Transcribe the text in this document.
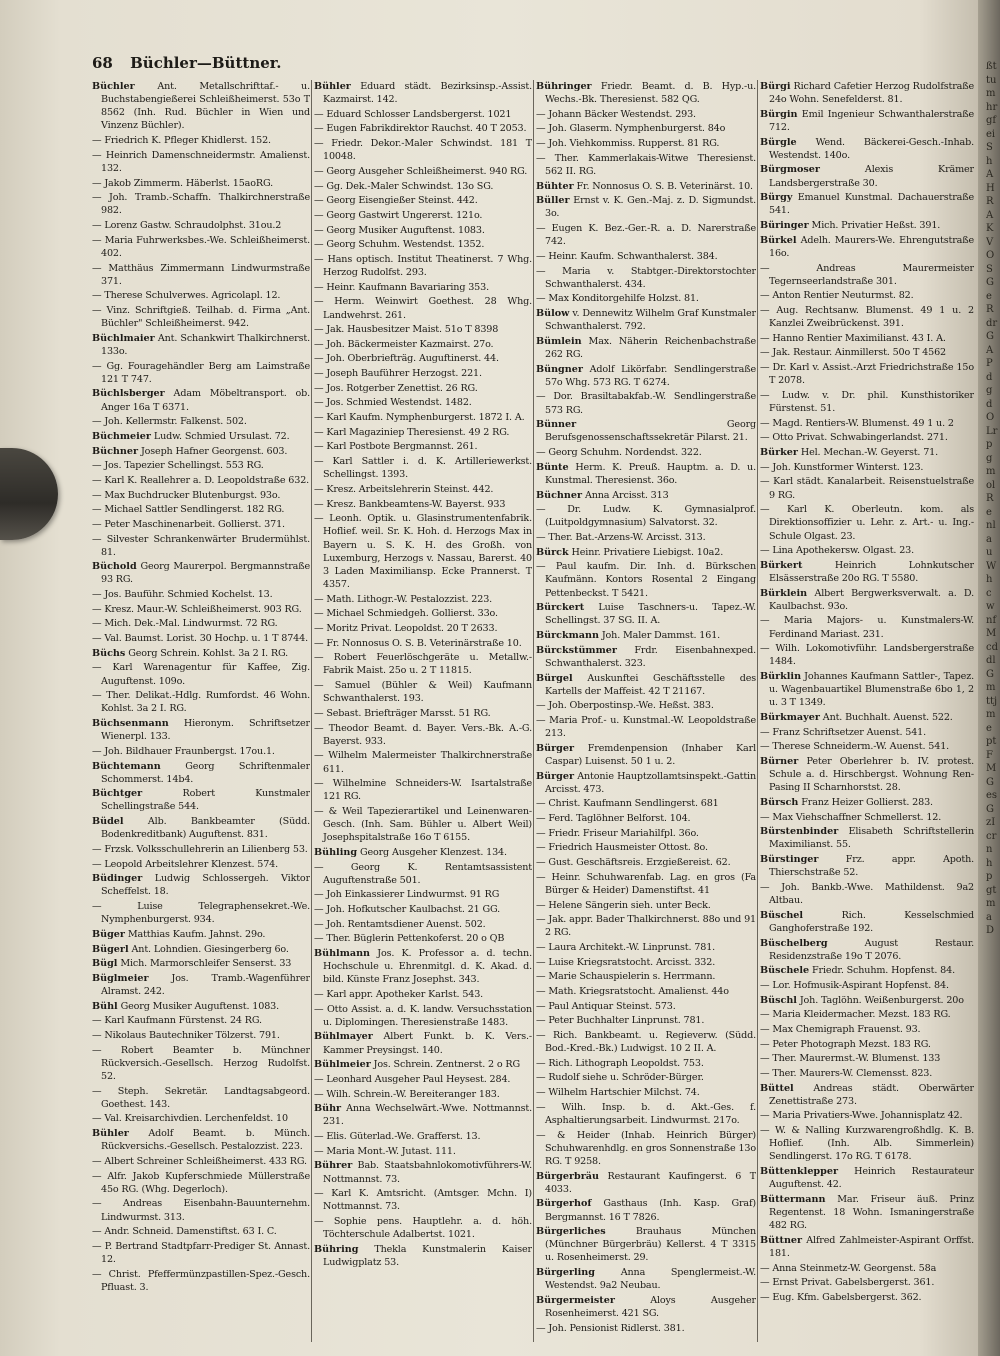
68 Büchler—Büttner.
Büchler Ant. Metallschrifttaf.- u. Buchstabengießerei Schleißheimerst. 53o T 8562 (Inh. Rud. Büchler in Wien und Vinzenz Büchler).
— Friedrich K. Pfleger Khidlerst. 152.
— Heinrich Damenschneidermstr. Amalienst. 132.
— Jakob Zimmerm. Häberlst. 15aoRG.
— Joh. Tramb.-Schaffn. Thalkirchnerstraße 982.
— Lorenz Gastw. Schraudolphst. 31ou.2
— Maria Fuhrwerksbes.-We. Schleißheimerst. 402.
— Matthäus Zimmermann Lindwurmstraße 371.
— Therese Schulverwes. Agricolapl. 12.
— Vinz. Schriftgieß. Teilhab. d. Firma „Ant. Büchler" Schleißheimerst. 942.
Büchlmaier Ant. Schankwirt Thalkirchnerst. 133o.
— Gg. Fouragehändler Berg am Laimstraße 121 T 747.
Büchlsberger Adam Möbeltransport. ob. Anger 16a T 6371.
— Joh. Kellermstr. Falkenst. 502.
Büchmeier Ludw. Schmied Ursulast. 72.
Büchner Joseph Hafner Georgenst. 603.
— Jos. Tapezier Schellingst. 553 RG.
— Karl K. Reallehrer a. D. Leopoldstraße 632.
— Max Buchdrucker Blutenburgst. 93o.
— Michael Sattler Sendlingerst. 182 RG.
— Peter Maschinenarbeit. Gollierst. 371.
— Silvester Schrankenwärter Brudermühlst. 81.
Büchold Georg Maurerpol. Bergmannstraße 93 RG.
— Jos. Bauführ. Schmied Kochelst. 13.
— Kresz. Maur.-W. Schleißheimerst. 903 RG.
— Mich. Dek.-Mal. Lindwurmst. 72 RG.
— Val. Baumst. Lorist. 30 Hochp. u. 1 T 8744.
Büchs Georg Schrein. Kohlst. 3a 2 I. RG.
— Karl Warenagentur für Kaffee, Zig. Auguftenst. 109o.
— Ther. Delikat.-Hdlg. Rumfordst. 46 Wohn. Kohlst. 3a 2 I. RG.
Büchsenmann Hieronym. Schriftsetzer Wienerpl. 133.
— Joh. Bildhauer Fraunbergst. 17ou.1.
Büchtemann Georg Schriftenmaler Schommerst. 14b4.
Büchtger Robert Kunstmaler Schellingstraße 544.
Büdel Alb. Bankbeamter (Südd. Bodenkreditbank) Auguftenst. 831.
— Frzsk. Volksschullehrerin an Lilienberg 53.
— Leopold Arbeitslehrer Klenzest. 574.
Büdinger Ludwig Schlossergeh. Viktor Scheffelst. 18.
— Luise Telegraphensekret.-We. Nymphenburgerst. 934.
Büger Matthias Kaufm. Jahnst. 29o.
Bügerl Ant. Lohndien. Giesingerberg 6o.
Bügl Mich. Marmorschleifer Senserst. 33
Büglmeier Jos. Tramb.-Wagenführer Alramst. 242.
Bühl Georg Musiker Auguftenst. 1083.
— Karl Kaufmann Fürstenst. 24 RG.
— Nikolaus Bautechniker Tölzerst. 791.
— Robert Beamter b. Münchner Rückversich.-Gesellsch. Herzog Rudolfst. 52.
— Steph. Sekretär. Landtagsabgeord. Goethest. 143.
— Val. Kreisarchivdien. Lerchenfeldst. 10
Bühler Adolf Beamt. b. Münch. Rückversichs.-Gesellsch. Pestalozzist. 223.
— Albert Schreiner Schleißheimerst. 433 RG.
— Alfr. Jakob Kupferschmiede Müllerstraße 45o RG. (Whg. Degerloch).
— Andreas Eisenbahn-Bauunternehm. Lindwurmst. 313.
— Andr. Schneid. Damenstiftst. 63 I. C.
— P. Bertrand Stadtpfarr-Prediger St. Annast. 12.
— Christ. Pfeffermünzpastillen-Spez.-Gesch. Pfluast. 3.
Bühler Eduard städt. Bezirksinsp.-Assist. Kazmairst. 142.
— Eduard Schlosser Landsbergerst. 1021
— Eugen Fabrikdirektor Rauchst. 40 T 2053.
— Friedr. Dekor.-Maler Schwindst. 181 T 10048.
— Georg Ausgeher Schleißheimerst. 940 RG.
— Gg. Dek.-Maler Schwindst. 13o SG.
— Georg Eisengießer Steinst. 442.
— Georg Gastwirt Ungererst. 121o.
— Georg Musiker Auguftenst. 1083.
— Georg Schuhm. Westendst. 1352.
— Hans optisch. Institut Theatinerst. 7 Whg. Herzog Rudolfst. 293.
— Heinr. Kaufmann Bavariaring 353.
— Herm. Weinwirt Goethest. 28 Whg. Landwehrst. 261.
— Jak. Hausbesitzer Maist. 51o T 8398
— Joh. Bäckermeister Kazmairst. 27o.
— Joh. Oberbriefträg. Auguftinerst. 44.
— Joseph Bauführer Herzogst. 221.
— Jos. Rotgerber Zenettist. 26 RG.
— Jos. Schmied Westendst. 1482.
— Karl Kaufm. Nymphenburgerst. 1872 I. A.
— Karl Magaziniер Theresienst. 49 2 RG.
— Karl Postbote Bergmannst. 261.
— Karl Sattler i. d. K. Artilleriewerkst. Schellingst. 1393.
— Kresz. Arbeitslehrerin Steinst. 442.
— Kresz. Bankbeamtens-W. Bayerst. 933
— Leonh. Optik. u. Glasinstrumentenfabrik. Hoflief. weil. Sr. K. Hoh. d. Herzogs Max in Bayern u. S. K. H. des Großh. von Luxemburg, Herzogs v. Nassau, Barerst. 40 3 Laden Maximiliansp. Ecke Prannerst. T 4357.
— Math. Lithogr.-W. Pestalozzist. 223.
— Michael Schmiedgeh. Gollierst. 33o.
— Moritz Privat. Leopoldst. 20 T 2633.
— Fr. Nonnosus O. S. B. Veterinärstraße 10.
— Robert Feuerlöschgeräte u. Metallw.-Fabrik Maist. 25o u. 2 T 11815.
— Samuel (Bühler & Weil) Kaufmann Schwanthalerst. 193.
— Sebast. Briefträger Marsst. 51 RG.
— Theodor Beamt. d. Bayer. Vers.-Bk. A.-G. Bayerst. 933.
— Wilhelm Malermeister Thalkirchnerstraße 611.
— Wilhelmine Schneiders-W. Isartalstraße 121 RG.
— & Weil Tapezierartikel und Leinenwaren-Gesch. (Inh. Sam. Bühler u. Albert Weil) Josephspitalstraße 16o T 6155.
Bühling Georg Ausgeher Klenzest. 134.
— Georg K. Rentamtsassistent Auguftenstraße 501.
— Joh Einkassierer Lindwurmst. 91 RG
— Joh. Hofkutscher Kaulbachst. 21 GG.
— Joh. Rentamtsdiener Auenst. 502.
— Ther. Büglerin Pettenkoferst. 20 o QB
Bühlmann Jos. K. Professor a. d. techn. Hochschule u. Ehrenmitgl. d. K. Akad. d. bild. Künste Franz Josephst. 343.
— Karl appr. Apotheker Karlst. 543.
— Otto Assist. a. d. K. landw. Versuchsstation u. Diplomingen. Theresienstraße 1483.
Bühlmayer Albert Funkt. b. K. Vers.-Kammer Preysingst. 140.
Bühlmeier Jos. Schrein. Zentnerst. 2 o RG
— Leonhard Ausgeher Paul Heysest. 284.
— Wilh. Schrein.-W. Bereiteranger 183.
Bühr Anna Wechselwärt.-Wwe. Nottmannst. 231.
— Elis. Güterlad.-We. Grafferst. 13.
— Maria Mont.-W. Jutast. 111.
Bührer Bab. Staatsbahnlokomotivführers-W. Nottmannst. 73.
— Karl K. Amtsricht. (Amtsger. Mchn. I) Nottmannst. 73.
— Sophie pens. Hauptlehr. a. d. höh. Töchterschule Adalbertst. 1021.
Bühring Thekla Kunstmalerin Kaiser Ludwigplatz 53.
Bühringer Friedr. Beamt. d. B. Hyp.-u. Wechs.-Bk. Theresienst. 582 QG.
— Johann Bäcker Westendst. 293.
— Joh. Glaserm. Nymphenburgerst. 84o
— Joh. Viehkommiss. Rupperst. 81 RG.
— Ther. Kammerlakais-Witwe Theresienst. 562 II. RG.
Bühter Fr. Nonnosus O. S. B. Veterinärst. 10.
Büller Ernst v. K. Gen.-Maj. z. D. Sigmundst. 3o.
— Eugen K. Bez.-Ger.-R. a. D. Narerstraße 742.
— Heinr. Kaufm. Schwanthalerst. 384.
— Maria v. Stabtger.-Direktorstochter Schwanthalerst. 434.
— Max Konditorgehilfe Holzst. 81.
Bülow v. Dennewitz Wilhelm Graf Kunstmaler Schwanthalerst. 792.
Bümlein Max. Näherin Reichenbachstraße 262 RG.
Büngner Adolf Likörfabr. Sendlingerstraße 57o Whg. 573 RG. T 6274.
— Dor. Brasiltabakfab.-W. Sendlingerstraße 573 RG.
Bünner Georg Berufsgenossenschaftssekretär Pilarst. 21.
— Georg Schuhm. Nordendst. 322.
Bünte Herm. K. Preuß. Hauptm. a. D. u. Kunstmal. Theresienst. 36o.
Büchner Anna Arcisst. 313
— Dr. Ludw. K. Gymnasialprof. (Luitpoldgymnasium) Salvatorst. 32.
— Ther. Bat.-Arzens-W. Arcisst. 313.
Bürck Heinr. Privatiere Liebigst. 10a2.
— Paul kaufm. Dir. Inh. d. Bürkschen Kaufmänn. Kontors Rosental 2 Eingang Pettenbeckst. T 5421.
Bürckert Luise Taschners-u. Tapez.-W. Schellingst. 37 SG. II. A.
Bürckmann Joh. Maler Dammst. 161.
Bürckstümmer Frdr. Eisenbahnexped. Schwanthalerst. 323.
Bürgel Auskunftei Geschäftsstelle des Kartells der Maffeist. 42 T 21167.
— Joh. Oberpostinsp.-We. Heßst. 383.
— Maria Prof.- u. Kunstmal.-W. Leopoldstraße 213.
Bürger Fremdenpension (Inhaber Karl Caspar) Luisenst. 50 1 u. 2.
Bürger Antonie Hauptzollamtsinspekt.-Gattin Arcisst. 473.
— Christ. Kaufmann Sendlingerst. 681
— Ferd. Taglöhner Belforst. 104.
— Friedr. Friseur Mariahilfpl. 36o.
— Friedrich Hausmeister Ottost. 8o.
— Gust. Geschäftsreis. Erzgießereist. 62.
— Heinr. Schuhwarenfab. Lag. en gros (Fa Bürger & Heider) Damenstiftst. 41
— Helene Sängerin sieh. unter Beck.
— Jak. appr. Bader Thalkirchnerst. 88o und 91 2 RG.
— Laura Architekt.-W. Linprunst. 781.
— Luise Kriegsratstocht. Arcisst. 332.
— Marie Schauspielerin s. Herrmann.
— Math. Kriegsratstocht. Amalienst. 44o
— Paul Antiquar Steinst. 573.
— Peter Buchhalter Linprunst. 781.
— Rich. Bankbeamt. u. Regieverw. (Südd. Bod.-Kred.-Bk.) Ludwigst. 10 2 II. A.
— Rich. Lithograph Leopoldst. 753.
— Rudolf siehe u. Schröder-Bürger.
— Wilhelm Hartschier Milchst. 74.
— Wilh. Insp. b. d. Akt.-Ges. f. Asphaltierungsarbeit. Lindwurmst. 217o.
— & Heider (Inhab. Heinrich Bürger) Schuhwarenhdlg. en gros Sonnenstraße 13o RG. T 9258.
Bürgerbräu Restaurant Kaufingerst. 6 T 4033.
Bürgerhof Gasthaus (Inh. Kasp. Graf) Bergmannst. 16 T 7826.
Bürgerliches Brauhaus München (Münchner Bürgerbräu) Kellerst. 4 T 3315 u. Rosenheimerst. 29.
Bürgerling Anna Spenglermeist.-W. Westendst. 9a2 Neubau.
Bürgermeister Aloys Ausgeher Rosenheimerst. 421 SG.
— Joh. Pensionist Ridlerst. 381.
Bürgi Richard Cafetier Herzog Rudolfstraße 24o Wohn. Senefelderst. 81.
Bürgin Emil Ingenieur Schwanthalerstraße 712.
Bürgle Wend. Bäckerei-Gesch.-Inhab. Westendst. 140o.
Bürgmoser Alexis Krämer Landsbergerstraße 30.
Bürgy Emanuel Kunstmal. Dachauerstraße 541.
Büringer Mich. Privatier Heßst. 391.
Bürkel Adelh. Maurers-We. Ehrengutstraße 16o.
— Andreas Maurermeister Tegernseerlandstraße 301.
— Anton Rentier Neuturmst. 82.
— Aug. Rechtsanw. Blumenst. 49 1 u. 2 Kanzlei Zweibrückenst. 391.
— Hanno Rentier Maximilianst. 43 I. A.
— Jak. Restaur. Ainmillerst. 50o T 4562
— Dr. Karl v. Assist.-Arzt Friedrichstraße 15o T 2078.
— Ludw. v. Dr. phil. Kunsthistoriker Fürstenst. 51.
— Magd. Rentiers-W. Blumenst. 49 1 u. 2
— Otto Privat. Schwabingerlandst. 271.
Bürker Hel. Mechan.-W. Geyerst. 71.
— Joh. Kunstformer Winterst. 123.
— Karl städt. Kanalarbeit. Reisenstuelstraße 9 RG.
— Karl K. Oberleutn. kom. als Direktionsoffizier u. Lehr. z. Art.- u. Ing.-Schule Olgast. 23.
— Lina Apothekersw. Olgast. 23.
Bürkert Heinrich Lohnkutscher Elsässerstraße 20o RG. T 5580.
Bürklein Albert Bergwerksverwalt. a. D. Kaulbachst. 93o.
— Maria Majors- u. Kunstmalers-W. Ferdinand Mariast. 231.
— Wilh. Lokomotivführ. Landsbergerstraße 1484.
Bürklin Johannes Kaufmann Sattler-, Tapez. u. Wagenbauartikel Blumenstraße 6bo 1, 2 u. 3 T 1349.
Bürkmayer Ant. Buchhalt. Auenst. 522.
— Franz Schriftsetzer Auenst. 541.
— Therese Schneiderm.-W. Auenst. 541.
Bürner Peter Oberlehrer b. IV. protest. Schule a. d. Hirschbergst. Wohnung Ren-Pasing II Scharnhorstst. 28.
Bürsch Franz Heizer Gollierst. 283.
— Max Viehschaffner Schmellerst. 12.
Bürstenbinder Elisabeth Schriftstellerin Maximilianst. 55.
Bürstinger Frz. appr. Apoth. Thierschstraße 52.
— Joh. Bankb.-Wwe. Mathildenst. 9a2 Altbau.
Büschel Rich. Kesselschmied Ganghoferstraße 192.
Büschelberg August Restaur. Residenzstraße 19o T 2076.
Büschele Friedr. Schuhm. Hopfenst. 84.
— Lor. Hofmusik-Aspirant Hopfenst. 84.
Büschl Joh. Taglöhn. Weißenburgerst. 20o
— Maria Kleidermacher. Mezst. 183 RG.
— Max Chemigraph Frauenst. 93.
— Peter Photograph Mezst. 183 RG.
— Ther. Maurermst.-W. Blumenst. 133
— Ther. Maurers-W. Clemensst. 823.
Büttel Andreas städt. Oberwärter Zenettistraße 273.
— Maria Privatiers-Wwe. Johannisplatz 42.
— W. & Nalling Kurzwarengroßhdlg. K. B. Hoflief. (Inh. Alb. Simmerlein) Sendlingerst. 17o RG. T 6178.
Büttenklepper Heinrich Restaurateur Auguftenst. 42.
Büttermann Mar. Friseur äuß. Prinz Regentenst. 18 Wohn. Ismaningerstraße 482 RG.
Büttner Alfred Zahlmeister-Aspirant Orffst. 181.
— Anna Steinmetz-W. Georgenst. 58a
— Ernst Privat. Gabelsbergerst. 361.
— Eug. Kfm. Gabelsbergerst. 362.
ßttumhrgfeiShAHRAKVOSGeRdrGAPdgdOLrpgmolRenlauWhcwnfMcddlGmttjmeptFMGesGzIcrnhpgtmaD
